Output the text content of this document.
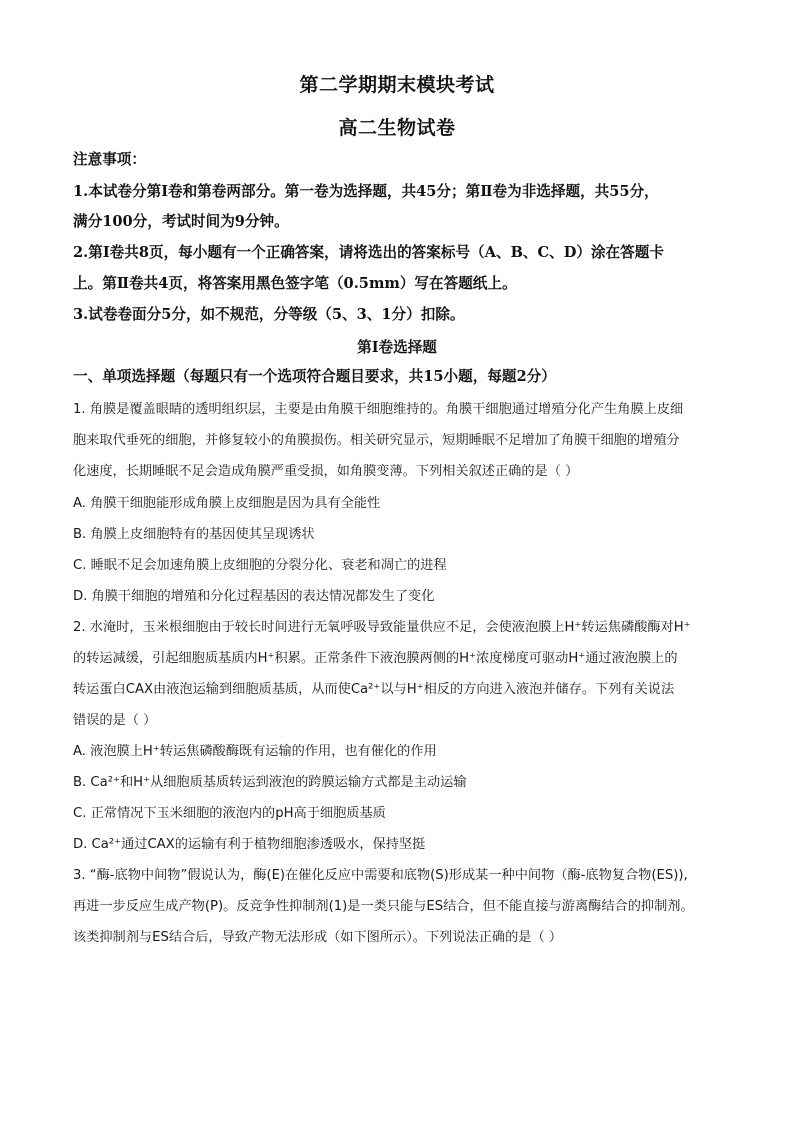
第二学期期末模块考试
高二生物试卷
注意事项：
1.本试卷分第Ⅰ卷和第卷两部分。第一卷为选择题，共45分；第Ⅱ卷为非选择题，共55分，
满分100分，考试时间为9分钟。
2.第Ⅰ卷共8页，每小题有一个正确答案，请将选出的答案标号（A、B、C、D）涂在答题卡
上。第Ⅱ卷共4页，将答案用黑色签字笔（0.5mm）写在答题纸上。
3.试卷卷面分5分，如不规范，分等级（5、3、1分）扣除。
第Ⅰ卷选择题
一、单项选择题（每题只有一个选项符合题目要求，共15小题，每题2分）
1. 角膜是覆盖眼睛的透明组织层，主要是由角膜干细胞维持的。角膜干细胞通过增殖分化产生角膜上皮细
胞来取代垂死的细胞，并修复较小的角膜损伤。相关研究显示，短期睡眠不足增加了角膜干细胞的增殖分
化速度，长期睡眠不足会造成角膜严重受损，如角膜变薄。下列相关叙述正确的是（ ）
A. 角膜干细胞能形成角膜上皮细胞是因为具有全能性
B. 角膜上皮细胞特有的基因使其呈现诱状
C. 睡眠不足会加速角膜上皮细胞的分裂分化、衰老和凋亡的进程
D. 角膜干细胞的增殖和分化过程基因的表达情况都发生了变化
2. 水淹时，玉米根细胞由于较长时间进行无氧呼吸导致能量供应不足，会使液泡膜上H⁺转运焦磷酸酶对H⁺
的转运减缓，引起细胞质基质内H⁺积累。正常条件下液泡膜两侧的H⁺浓度梯度可驱动H⁺通过液泡膜上的
转运蛋白CAX由液泡运输到细胞质基质，从而使Ca²⁺以与H⁺相反的方向进入液泡并储存。下列有关说法
错误的是（ ）
A. 液泡膜上H⁺转运焦磷酸酶既有运输的作用，也有催化的作用
B. Ca²⁺和H⁺从细胞质基质转运到液泡的跨膜运输方式都是主动运输
C. 正常情况下玉米细胞的液泡内的pH高于细胞质基质
D. Ca²⁺通过CAX的运输有利于植物细胞渗透吸水，保持坚挺
3. “酶-底物中间物”假说认为，酶(E)在催化反应中需要和底物(S)形成某一种中间物（酶-底物复合物(ES)),
再进一步反应生成产物(P)。反竞争性抑制剂(1)是一类只能与ES结合，但不能直接与游离酶结合的抑制剂。
该类抑制剂与ES结合后，导致产物无法形成（如下图所示）。下列说法正确的是（ ）
